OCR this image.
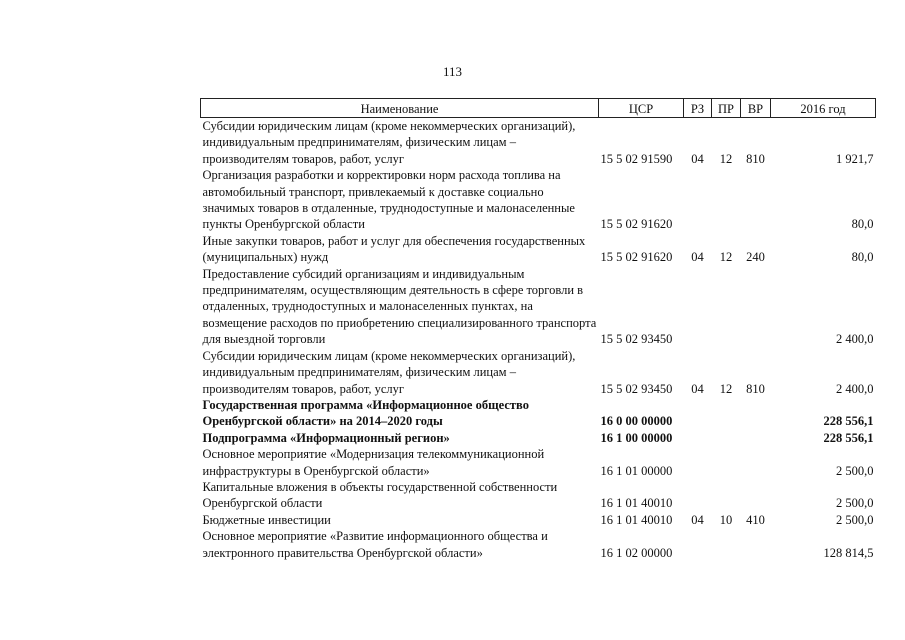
113
Наименование	ЦСР	РЗ	ПР	ВР	2016 год
Субсидии юридическим лицам (кроме некоммерческих организаций), индивидуальным предпринимателям, физическим лицам – производителям товаров, работ, услуг	15 5 02 91590	04	12	810	1 921,7
Организация разработки и корректировки норм расхода топлива на автомобильный транспорт, привлекаемый к доставке социально значимых товаров в отдаленные, труднодоступные и малонаселенные пункты Оренбургской области	15 5 02 91620				80,0
Иные закупки товаров, работ и услуг для обеспечения государственных (муниципальных) нужд	15 5 02 91620	04	12	240	80,0
Предоставление субсидий организациям и индивидуальным предпринимателям, осуществляющим деятельность в сфере торговли в отдаленных, труднодоступных и малонаселенных пунктах, на возмещение расходов по приобретению специализированного транспорта для выездной торговли	15 5 02 93450				2 400,0
Субсидии юридическим лицам (кроме некоммерческих организаций), индивидуальным предпринимателям, физическим лицам – производителям товаров, работ, услуг	15 5 02 93450	04	12	810	2 400,0
Государственная программа «Информационное общество Оренбургской области» на 2014–2020 годы	16 0 00 00000				228 556,1
Подпрограмма «Информационный регион»	16 1 00 00000				228 556,1
Основное мероприятие «Модернизация телекоммуникационной инфраструктуры в Оренбургской области»	16 1 01 00000				2 500,0
Капитальные вложения в объекты государственной собственности Оренбургской области	16 1 01 40010				2 500,0
Бюджетные инвестиции	16 1 01 40010	04	10	410	2 500,0
Основное мероприятие «Развитие информационного общества и электронного правительства Оренбургской области»	16 1 02 00000				128 814,5
